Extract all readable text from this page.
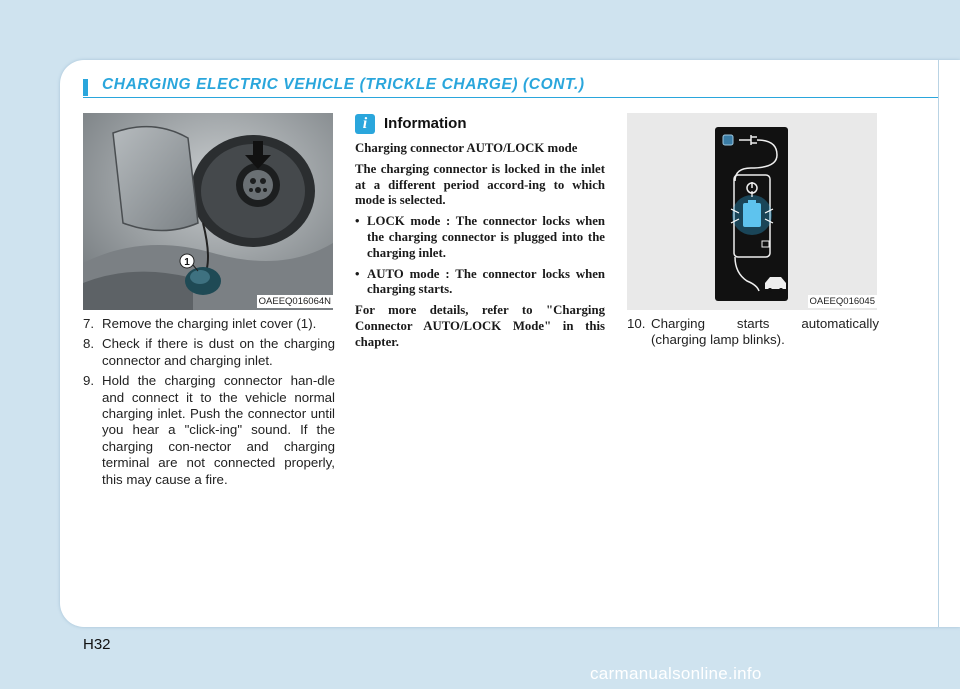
CHARGING ELECTRIC VEHICLE (TRICKLE CHARGE) (CONT.)
1
OAEEQ016064N
7. Remove the charging inlet cover (1).
8. Check if there is dust on the charging connector and charging inlet.
9. Hold the charging connector han-dle and connect it to the vehicle normal charging inlet. Push the connector until you hear a "click-ing" sound. If the charging con-nector and charging terminal are not connected properly, this may cause a fire.
i	Information

Charging connector AUTO/LOCK mode

The charging connector is locked in the inlet at a different period accord-ing to which mode is selected.

• LOCK mode : The connector locks when the charging connector is plugged into the charging inlet.
• AUTO mode : The connector locks when charging starts.

For more details, refer to "Charging Connector AUTO/LOCK Mode" in this chapter.

OAEEQ016045
10. Charging starts automatically (charging lamp blinks).
H32
carmanualsonline.info
